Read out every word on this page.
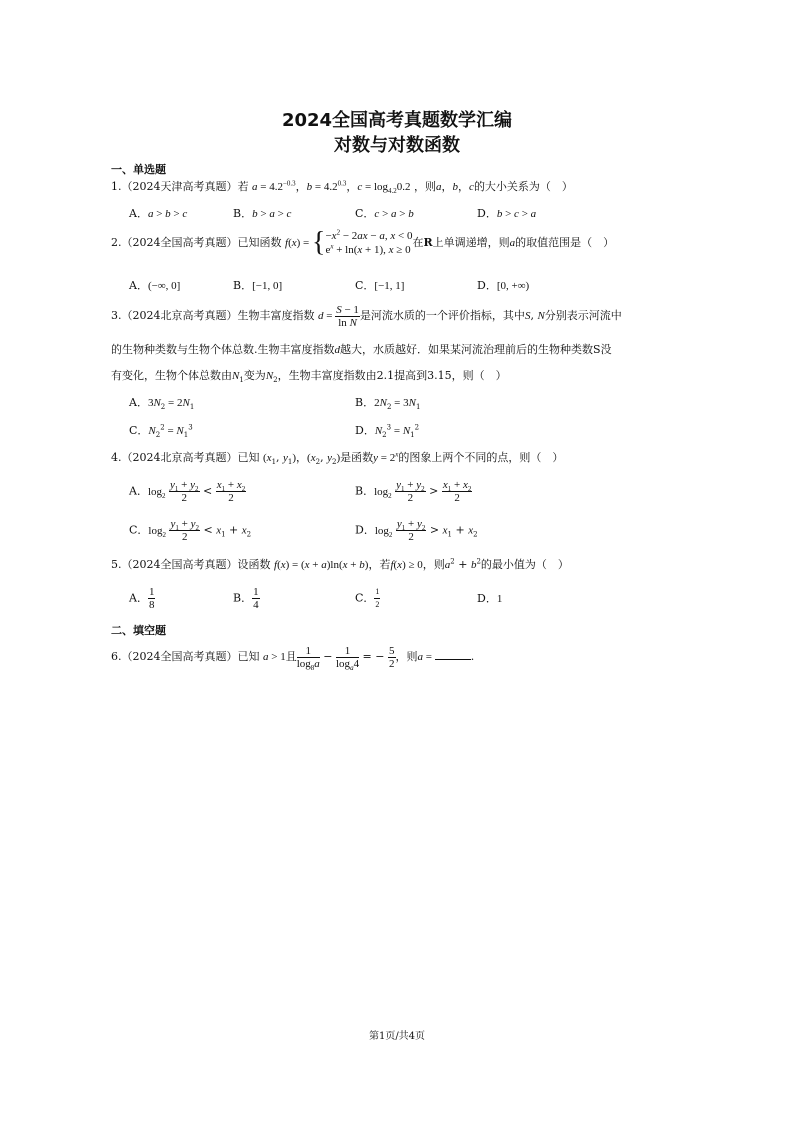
2024全国高考真题数学汇编
对数与对数函数
一、单选题
1.（2024天津高考真题）若 $a = 4.2^{-0.3}$，$b = 4.2^{0.3}$，$c = \log_{4.2}0.2$ ，则a，b，c的大小关系为（　）
A．a > b > c	B．b > a > c	C．c > a > b	D．b > c > a
2.（2024全国高考真题）已知函数 f(x) = { $-x^2 - 2ax - a$, x < 0
$e^x + \ln(x + 1)$, x ≥ 0
在R上单调递增，则a的取值范围是（　）
A．(−∞, 0]	B．[−1, 0]	C．[−1, 1]	D．[0, +∞)
3.（2024北京高考真题）生物丰富度指数 $d = \frac{S - 1}{\text{ln N}}$ 是河流水质的一个评价指标，其中S, N分别表示河流中
的生物种类数与生物个体总数.生物丰富度指数d越大，水质越好．如果某河流治理前后的生物种类数S没
有变化，生物个体总数由$N_1$变为$N_2$，生物丰富度指数由2.1提高到3.15，则（　）
A．$3N_2 = 2N_1$	B．$2N_2 = 3N_1$
C．$N_2^2 = N_1^3$	D．$N_2^3 = N_1^2$
4.（2024北京高考真题）已知 ($x_1$, $y_1$)，($x_2$, $y_2$)是函数$y = 2^x$的图象上两个不同的点，则（　）
A．$\log_2 \frac{y_1 + y_2}{2} < \frac{x_1 + x_2}{2}$	B．$\log_2 \frac{y_1 + y_2}{2} > \frac{x_1 + x_2}{2}$
C．$\log_2 \frac{y_1 + y_2}{2} < x_1 + x_2$	D．$\log_2 \frac{y_1 + y_2}{2} > x_1 + x_2$
5.（2024全国高考真题）设函数 f(x) = (x + a)ln(x + b)，若f(x) ≥ 0，则$a^2 + b^2$的最小值为（　）
A． $\frac{1}{8}$	B． $\frac{1}{4}$	C． $\frac{1}{2}$	D．1
二、填空题
6.（2024全国高考真题）已知 a > 1且 $\frac{1}{\log_8a} - \frac{1}{\log_a4}$ = − $\frac{5}{2}$ ，则a =	.
第1页/共4页
